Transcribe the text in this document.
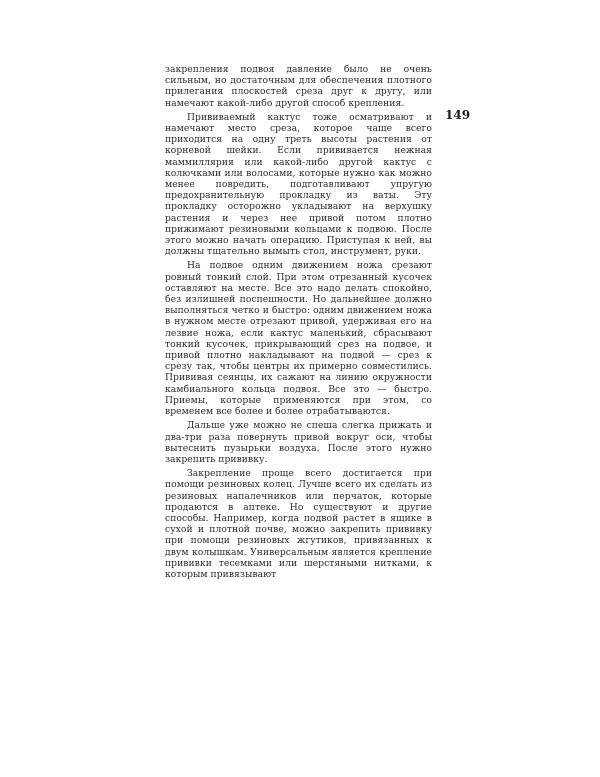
149

закрепления подвоя давление было не очень сильным, но достаточным для обеспечения плотного прилегания плоскостей среза друг к другу, или намечают какой-либо другой способ крепления.

Прививаемый кактус тоже осматривают и намечают место среза, которое чаще всего приходится на одну треть высоты растения от корневой шейки. Если прививается нежная маммиллярия или какой-либо другой кактус с колючками или волосами, которые нужно как можно менее повредить, подготавливают упругую предохранительную прокладку из ваты. Эту прокладку осторожно укладывают на верхушку растения и через нее привой потом плотно прижимают резиновыми кольцами к подвою. После этого можно начать операцию. Приступая к ней, вы должны тщательно вымыть стол, инструмент, руки.

На подвое одним движением ножа срезают ровный тонкий слой. При этом отрезанный кусочек оставляют на месте. Все это надо делать спокойно, без излишней поспешности. Но дальнейшее должно выполняться четко и быстро: одним движением ножа в нужном месте отрезают привой, удерживая его на лезвие ножа, если кактус маленький, сбрасывают тонкий кусочек, прикрывающий срез на подвое, и привой плотно накладывают на подвой — срез к срезу так, чтобы центры их примерно совместились. Прививая сеянцы, их сажают на линию окружности камбиального кольца подвоя. Все это — быстро. Приемы, которые применяются при этом, со временем все более и более отрабатываются.

Дальше уже можно не спеша слегка прижать и два-три раза повернуть привой вокруг оси, чтобы вытеснить пузырьки воздуха. После этого нужно закрепить прививку.

Закрепление проще всего достигается при помощи резиновых колец. Лучше всего их сделать из резиновых напалечников или перчаток, которые продаются в аптеке. Но существуют и другие способы. Например, когда подвой растет в ящике в сухой и плотной почве, можно закрепить прививку при помощи резиновых жгутиков, привязанных к двум колышкам. Универсальным является крепление прививки тесемками или шерстяными нитками, к которым привязывают
